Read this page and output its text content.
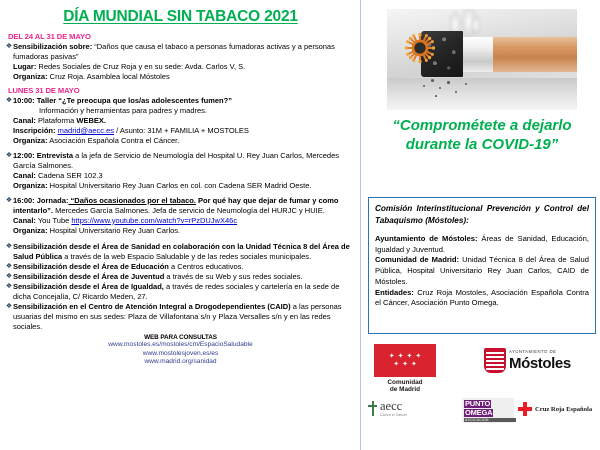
DÍA MUNDIAL SIN TABACO 2021
DEL 24 AL 31 DE MAYO
❖ Sensibilización sobre: “Daños que causa el tabaco a personas fumadoras activas y a personas fumadoras pasivas”
Lugar: Redes Sociales de Cruz Roja y en su sede: Avda. Carlos V, S.
Organiza: Cruz Roja. Asamblea local Móstoles
LUNES 31 DE MAYO
❖ 10:00: Taller “¿Te preocupa que los/as adolescentes fumen?”
Información y herramientas para padres y madres.
Canal: Plataforma WEBEX.
Inscripción: madrid@aecc.es / Asunto: 31M + FAMILIA + MOSTOLES
Organiza: Asociación Española Contra el Cáncer.
❖ 12:00: Entrevista a la jefa de Servicio de Neumología del Hospital U. Rey Juan Carlos, Mercedes García Salmones.
Canal: Cadena SER 102.3
Organiza: Hospital Universitario Rey Juan Carlos en col. con Cadena SER Madrid Oeste.
❖ 16:00: Jornada: “Daños ocasionados por el tabaco. Por qué hay que dejar de fumar y como intentarlo”. Mercedes García Salmones. Jefa de servicio de Neumología del HURJC y HUIE.
Canal: You Tube https://www.youtube.com/watch?v=rPzDUJwX46c
Organiza: Hospital Universitario Rey Juan Carlos.
❖ Sensibilización desde el Área de Sanidad en colaboración con la Unidad Técnica 8 del Área de Salud Pública a través de la web Espacio Saludable y de las redes sociales municipales.
❖ Sensibilización desde el Área de Educación a Centros educativos.
❖ Sensibilización desde el Área de Juventud a través de su Web y sus redes sociales.
❖ Sensibilización desde el Área de Igualdad, a través de redes sociales y cartelería en la sede de dicha Concejalía, C/ Ricardo Meden, 27.
❖ Sensibilización en el Centro de Atención Integral a Drogodependientes (CAID) a las personas usuarias del mismo en sus sedes: Plaza de Villafontana s/n y Plaza Versalles s/n y en las redes sociales.
WEB PARA CONSULTAS
www.mostoles.es/mostoles/cm/EspacioSaludable
www.mostolesjoven.es/es
www.madrid.org/sanidad
“Comprométete a dejarlo durante la COVID-19”
Comisión Interinstitucional Prevención y Control del Tabaquismo (Móstoles):
Ayuntamiento de Móstoles: Áreas de Sanidad, Educación, Igualdad y Juventud.
Comunidad de Madrid: Unidad Técnica 8 del Área de Salud Pública, Hospital Universitario Rey Juan Carlos, CAID de Móstoles.
Entidades: Cruz Roja Mostoles, Asociación Española Contra el Cáncer, Asociación Punto Omega.
✦ ✦ ✦ ✦
✦ ✦ ✦
Comunidad
de Madrid
AYUNTAMIENTO DE
Móstoles
aecc
Contra el Cáncer
PUNTO
OMEGA
ASOCIACIÓN
Cruz Roja Española
